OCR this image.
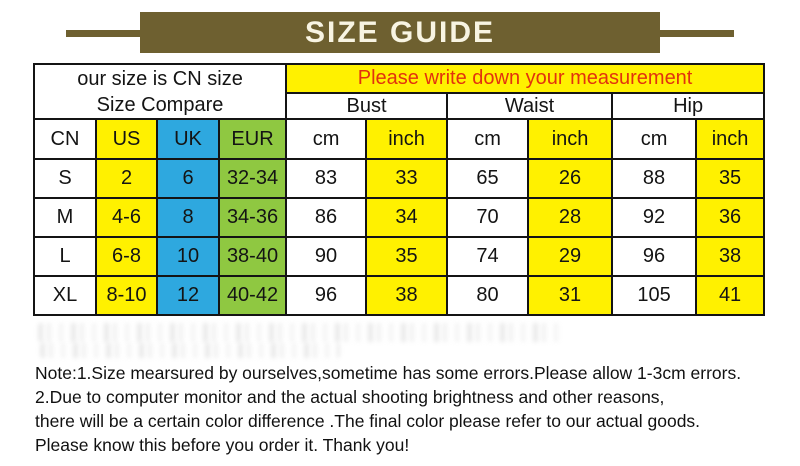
SIZE GUIDE
our size is CN size
Size Compare				Please write down your measurement					
				Bust		Waist		Hip	
CN	US	UK	EUR	cm	inch	cm	inch	cm	inch
S	2	6	32-34	83	33	65	26	88	35
M	4-6	8	34-36	86	34	70	28	92	36
L	6-8	10	38-40	90	35	74	29	96	38
XL	8-10	12	40-42	96	38	80	31	105	41
Note:1.Size mearsured by ourselves,sometime has some errors.Please allow 1-3cm errors.
2.Due to computer monitor and the actual shooting brightness and other reasons,
there will be a certain color difference .The final color please refer to our actual goods.
Please know this before you order it. Thank you!
